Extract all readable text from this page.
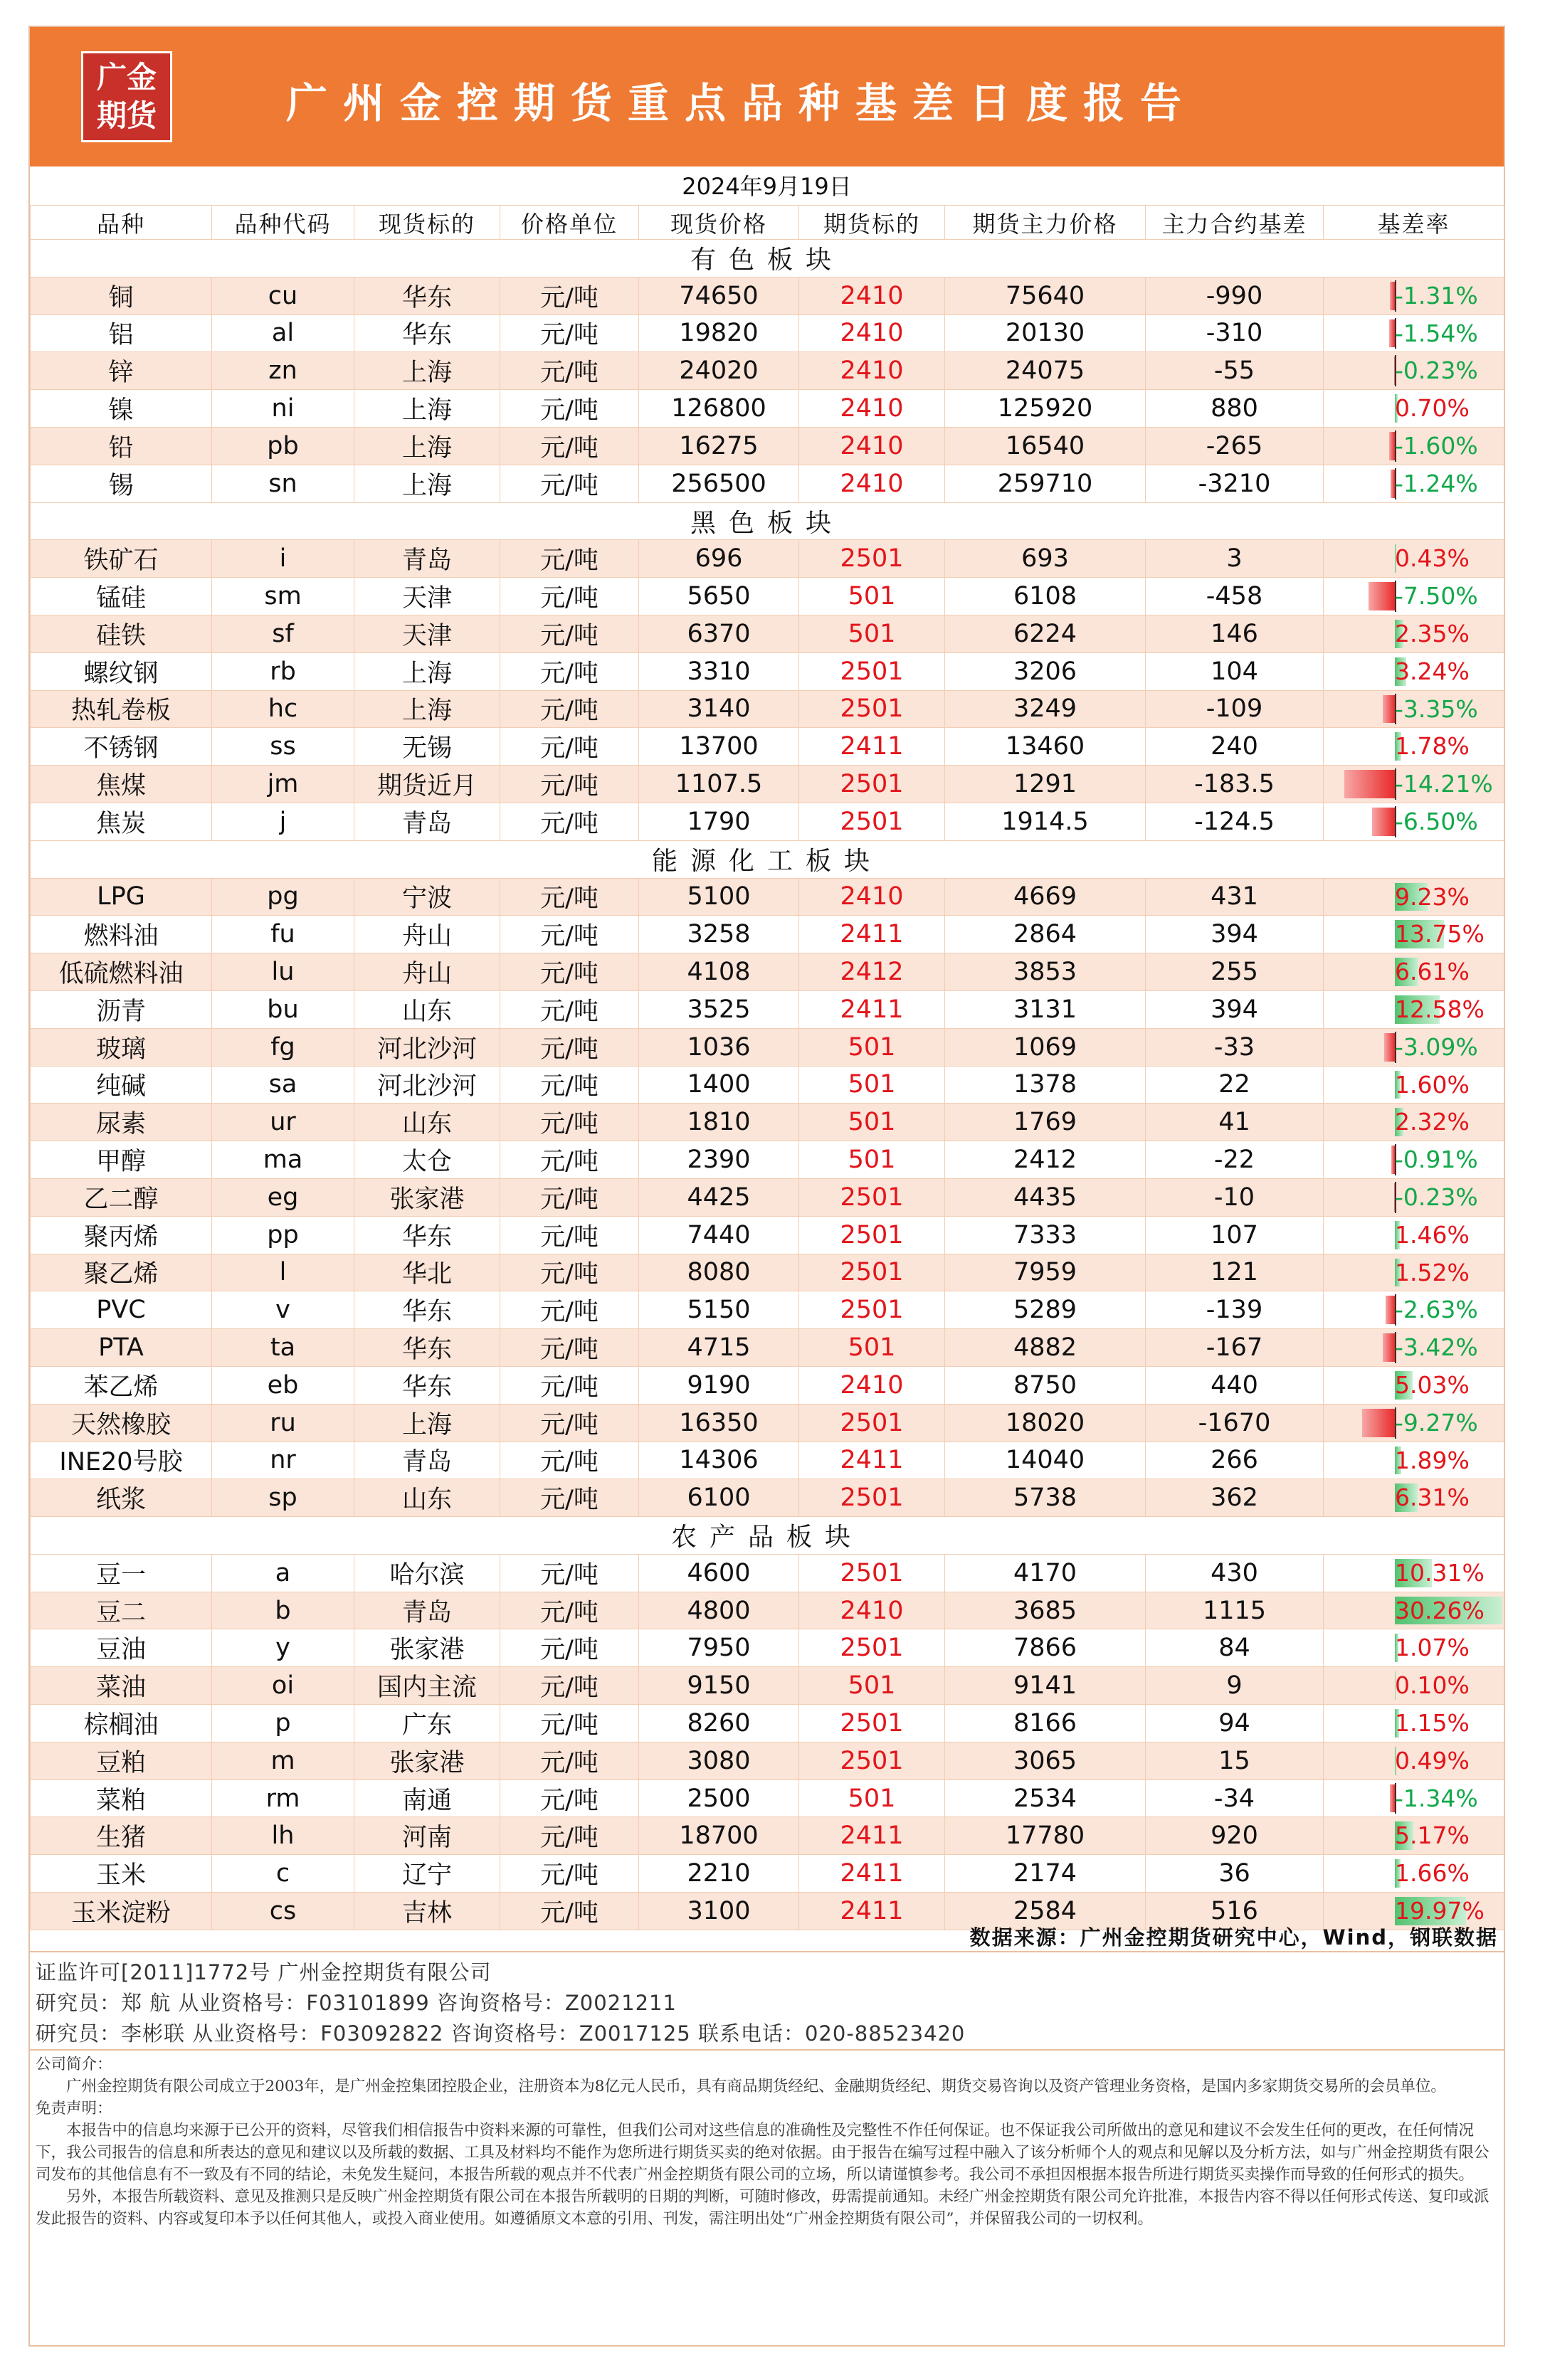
广金
期货	广州金控期货重点品种基差日度报告
2024年9月19日
品种	品种代码	现货标的	价格单位	现货价格	期货标的	期货主力价格	主力合约基差	基差率
有色板块								
铜	cu	华东	元/吨	74650	2410	75640	-990	-1.31%

铝	al	华东	元/吨	19820	2410	20130	-310	-1.54%

锌	zn	上海	元/吨	24020	2410	24075	-55	-0.23%

镍	ni	上海	元/吨	126800	2410	125920	880	0.70%

铅	pb	上海	元/吨	16275	2410	16540	-265	-1.60%

锡	sn	上海	元/吨	256500	2410	259710	-3210	-1.24%

黑色板块								
铁矿石	i	青岛	元/吨	696	2501	693	3	0.43%

锰硅	sm	天津	元/吨	5650	501	6108	-458	-7.50%

硅铁	sf	天津	元/吨	6370	501	6224	146	2.35%

螺纹钢	rb	上海	元/吨	3310	2501	3206	104	3.24%

热轧卷板	hc	上海	元/吨	3140	2501	3249	-109	-3.35%

不锈钢	ss	无锡	元/吨	13700	2411	13460	240	1.78%

焦煤	jm	期货近月	元/吨	1107.5	2501	1291	-183.5	-14.21%

焦炭	j	青岛	元/吨	1790	2501	1914.5	-124.5	-6.50%

能源化工板块								
LPG	pg	宁波	元/吨	5100	2410	4669	431	9.23%

燃料油	fu	舟山	元/吨	3258	2411	2864	394	13.75%

低硫燃料油	lu	舟山	元/吨	4108	2412	3853	255	6.61%

沥青	bu	山东	元/吨	3525	2411	3131	394	12.58%

玻璃	fg	河北沙河	元/吨	1036	501	1069	-33	-3.09%

纯碱	sa	河北沙河	元/吨	1400	501	1378	22	1.60%

尿素	ur	山东	元/吨	1810	501	1769	41	2.32%

甲醇	ma	太仓	元/吨	2390	501	2412	-22	-0.91%

乙二醇	eg	张家港	元/吨	4425	2501	4435	-10	-0.23%

聚丙烯	pp	华东	元/吨	7440	2501	7333	107	1.46%

聚乙烯	l	华北	元/吨	8080	2501	7959	121	1.52%

PVC	v	华东	元/吨	5150	2501	5289	-139	-2.63%

PTA	ta	华东	元/吨	4715	501	4882	-167	-3.42%

苯乙烯	eb	华东	元/吨	9190	2410	8750	440	5.03%

天然橡胶	ru	上海	元/吨	16350	2501	18020	-1670	-9.27%

INE20号胶	nr	青岛	元/吨	14306	2411	14040	266	1.89%

纸浆	sp	山东	元/吨	6100	2501	5738	362	6.31%

农产品板块								
豆一	a	哈尔滨	元/吨	4600	2501	4170	430	10.31%

豆二	b	青岛	元/吨	4800	2410	3685	1115	30.26%

豆油	y	张家港	元/吨	7950	2501	7866	84	1.07%

菜油	oi	国内主流	元/吨	9150	501	9141	9	0.10%

棕榈油	p	广东	元/吨	8260	2501	8166	94	1.15%

豆粕	m	张家港	元/吨	3080	2501	3065	15	0.49%

菜粕	rm	南通	元/吨	2500	501	2534	-34	-1.34%

生猪	lh	河南	元/吨	18700	2411	17780	920	5.17%

玉米	c	辽宁	元/吨	2210	2411	2174	36	1.66%

玉米淀粉	cs	吉林	元/吨	3100	2411	2584	516	19.97%
数据来源：广州金控期货研究中心，Wind，钢联数据
证监许可[2011]1772号 广州金控期货有限公司
研究员：郑 航 从业资格号：F03101899 咨询资格号：Z0021211
研究员：李彬联 从业资格号：F03092822 咨询资格号：Z0017125 联系电话：020-88523420

公司简介：

广州金控期货有限公司成立于2003年，是广州金控集团控股企业，注册资本为8亿元人民币，具有商品期货经纪、金融期货经纪、期货交易咨询以及资产管理业务资格，是国内多家期货交易所的会员单位。

免责声明：

本报告中的信息均来源于已公开的资料，尽管我们相信报告中资料来源的可靠性，但我们公司对这些信息的准确性及完整性不作任何保证。也不保证我公司所做出的意见和建议不会发生任何的更改，在任何情况下，我公司报告的信息和所表达的意见和建议以及所载的数据、工具及材料均不能作为您所进行期货买卖的绝对依据。由于报告在编写过程中融入了该分析师个人的观点和见解以及分析方法，如与广州金控期货有限公司发布的其他信息有不一致及有不同的结论，未免发生疑问，本报告所载的观点并不代表广州金控期货有限公司的立场，所以请谨慎参考。我公司不承担因根据本报告所进行期货买卖操作而导致的任何形式的损失。

另外，本报告所载资料、意见及推测只是反映广州金控期货有限公司在本报告所载明的日期的判断，可随时修改，毋需提前通知。未经广州金控期货有限公司允许批准，本报告内容不得以任何形式传送、复印或派发此报告的资料、内容或复印本予以任何其他人，或投入商业使用。如遵循原文本意的引用、刊发，需注明出处“广州金控期货有限公司”，并保留我公司的一切权利。
